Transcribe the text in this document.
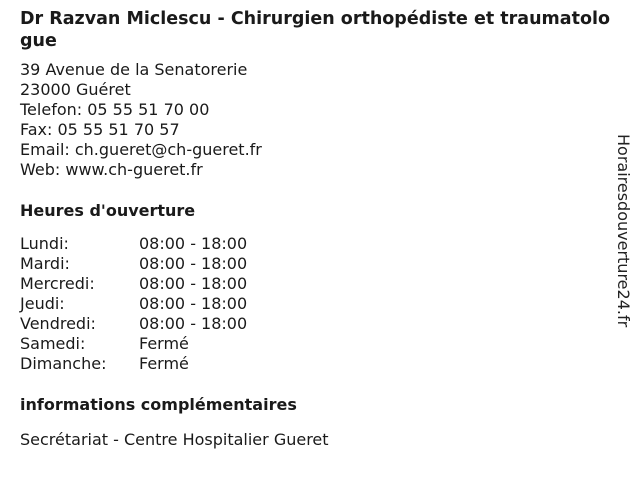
Dr Razvan Miclescu - Chirurgien orthopédiste et traumatologue
39 Avenue de la Senatorerie
23000 Guéret
Telefon: 05 55 51 70 00
Fax: 05 55 51 70 57
Email: ch.gueret@ch-gueret.fr
Web: www.ch-gueret.fr
Heures d'ouverture
Lundi:	08:00 - 18:00
Mardi:	08:00 - 18:00
Mercredi:	08:00 - 18:00
Jeudi:	08:00 - 18:00
Vendredi:	08:00 - 18:00
Samedi:	Fermé
Dimanche:	Fermé
informations complémentaires
Secrétariat - Centre Hospitalier Gueret
Horairesdouverture24.fr
